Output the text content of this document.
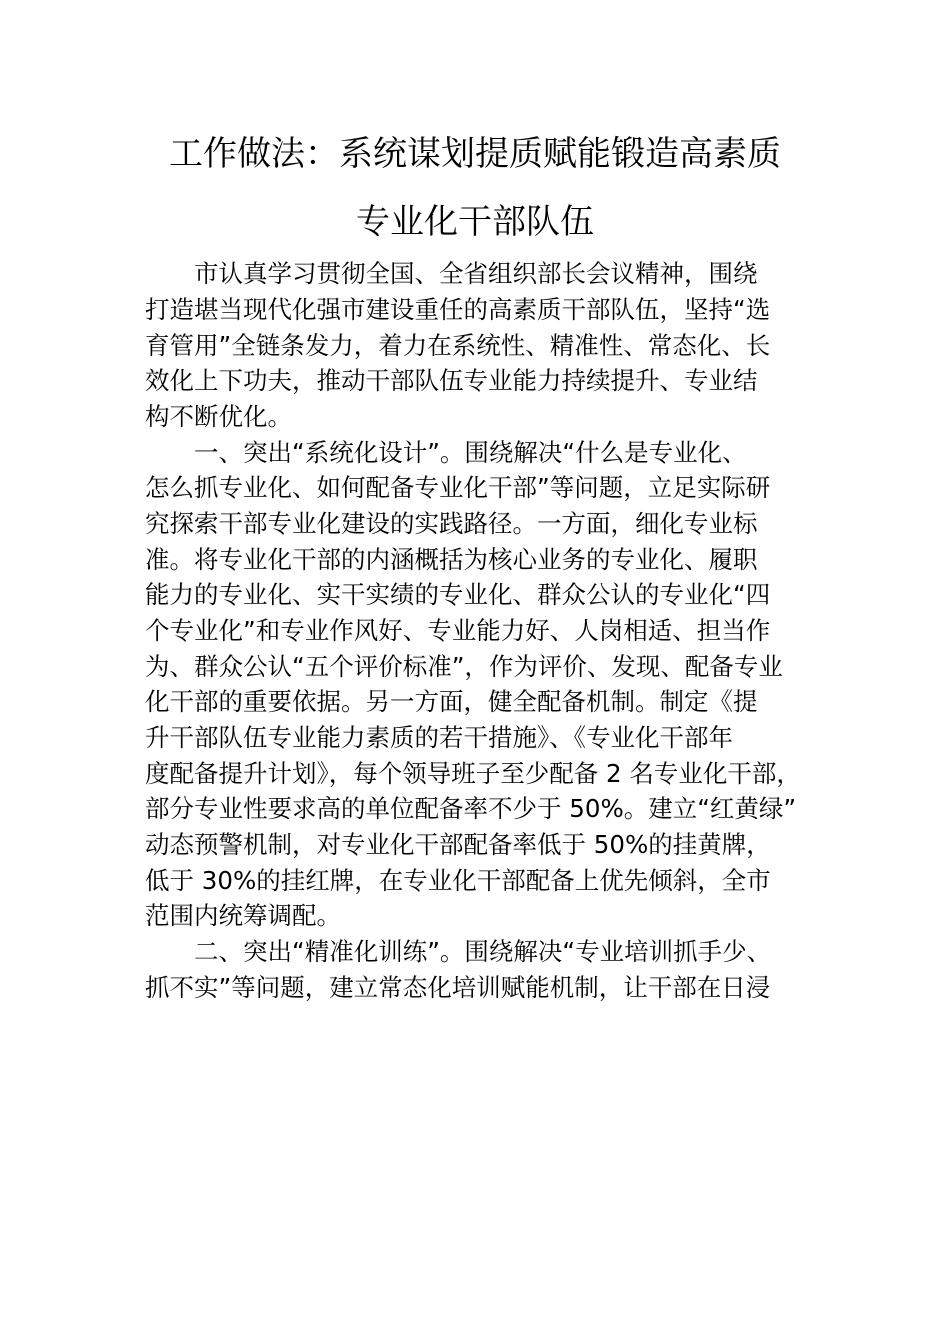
工作做法：系统谋划提质赋能锻造高素质
专业化干部队伍
　　市认真学习贯彻全国、全省组织部长会议精神，围绕
打造堪当现代化强市建设重任的高素质干部队伍，坚持“选
育管用”全链条发力，着力在系统性、精准性、常态化、长
效化上下功夫，推动干部队伍专业能力持续提升、专业结
构不断优化。
　　一、突出“系统化设计”。围绕解决“什么是专业化、
怎么抓专业化、如何配备专业化干部”等问题，立足实际研
究探索干部专业化建设的实践路径。一方面，细化专业标
准。将专业化干部的内涵概括为核心业务的专业化、履职
能力的专业化、实干实绩的专业化、群众公认的专业化“四
个专业化”和专业作风好、专业能力好、人岗相适、担当作
为、群众公认“五个评价标准”，作为评价、发现、配备专业
化干部的重要依据。另一方面，健全配备机制。制定《提
升干部队伍专业能力素质的若干措施》、《专业化干部年
度配备提升计划》，每个领导班子至少配备 2 名专业化干部，
部分专业性要求高的单位配备率不少于 50%。建立“红黄绿”
动态预警机制，对专业化干部配备率低于 50%的挂黄牌，
低于 30%的挂红牌，在专业化干部配备上优先倾斜，全市
范围内统筹调配。
　　二、突出“精准化训练”。围绕解决“专业培训抓手少、
抓不实”等问题，建立常态化培训赋能机制，让干部在日浸
